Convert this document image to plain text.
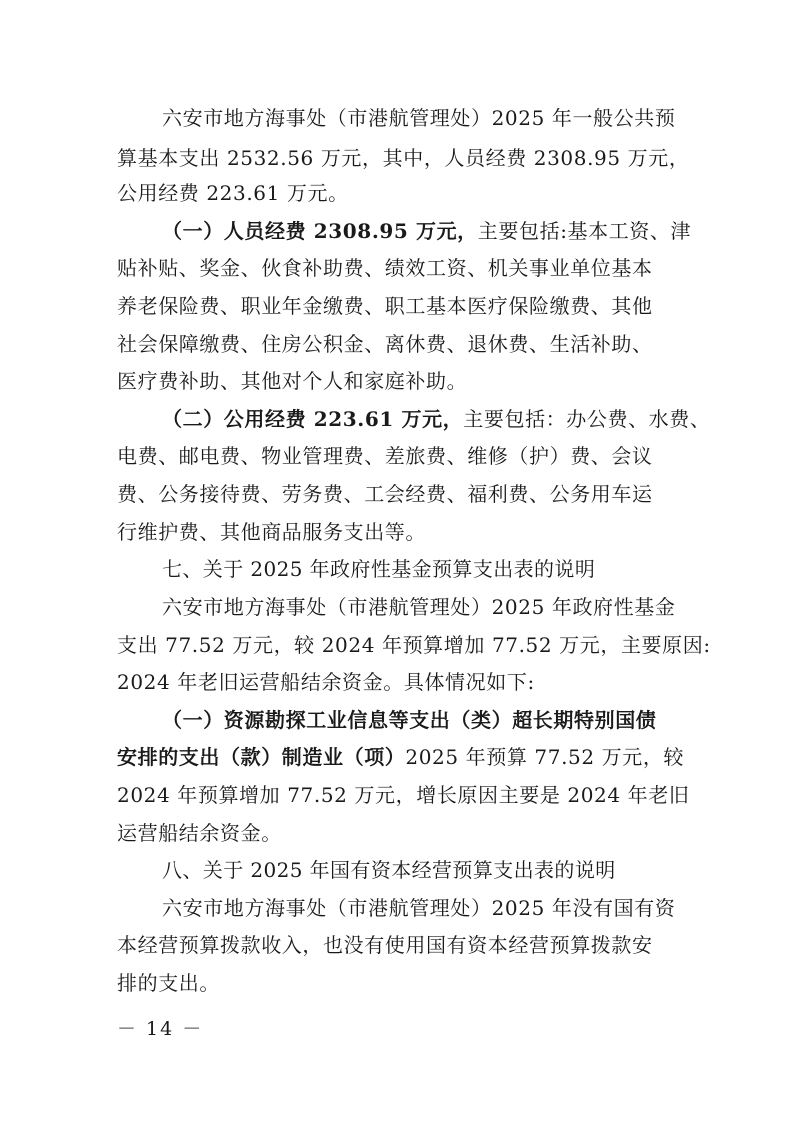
六安市地方海事处（市港航管理处）2025 年一般公共预
算基本支出 2532.56 万元，其中，人员经费 2308.95 万元，
公用经费 223.61 万元。
（一）人员经费 2308.95 万元，主要包括:基本工资、津
贴补贴、奖金、伙食补助费、绩效工资、机关事业单位基本
养老保险费、职业年金缴费、职工基本医疗保险缴费、其他
社会保障缴费、住房公积金、离休费、退休费、生活补助、
医疗费补助、其他对个人和家庭补助。
（二）公用经费 223.61 万元，主要包括：办公费、水费、
电费、邮电费、物业管理费、差旅费、维修（护）费、会议
费、公务接待费、劳务费、工会经费、福利费、公务用车运
行维护费、其他商品服务支出等。
七、关于 2025 年政府性基金预算支出表的说明
六安市地方海事处（市港航管理处）2025 年政府性基金
支出 77.52 万元，较 2024 年预算增加 77.52 万元，主要原因:
2024 年老旧运营船结余资金。具体情况如下:
（一）资源勘探工业信息等支出（类）超长期特别国债
安排的支出（款）制造业（项）2025 年预算 77.52 万元，较
2024 年预算增加 77.52 万元，增长原因主要是 2024 年老旧
运营船结余资金。
八、关于 2025 年国有资本经营预算支出表的说明
六安市地方海事处（市港航管理处）2025 年没有国有资
本经营预算拨款收入，也没有使用国有资本经营预算拨款安
排的支出。
－ 14 －
